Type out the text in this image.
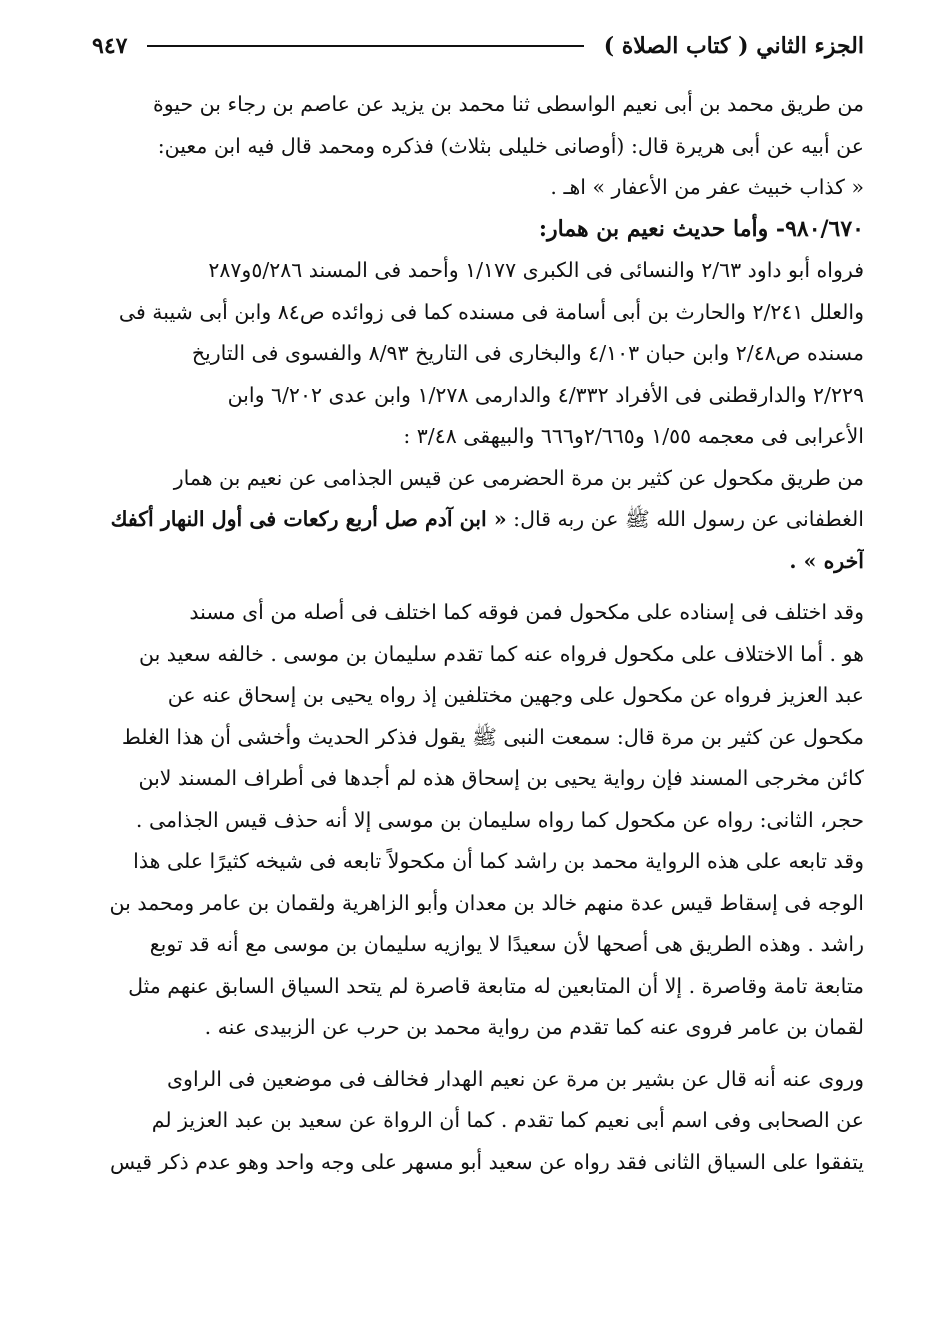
الجزء الثاني ( كتاب الصلاة )
٩٤٧
من طريق محمد بن أبى نعيم الواسطى ثنا محمد بن يزيد عن عاصم بن رجاء بن حيوة
عن أبيه عن أبى هريرة قال: (أوصانى خليلى بثلاث) فذكره ومحمد قال فيه ابن معين:
« كذاب خبيث عفر من الأعفار » اهـ .
٩٨٠/٦٧٠- وأما حديث نعيم بن همار:
فرواه أبو داود ٢/٦٣ والنسائى فى الكبرى ١/١٧٧ وأحمد فى المسند ٥/٢٨٦و٢٨٧
والعلل ٢/٢٤١ والحارث بن أبى أسامة فى مسنده كما فى زوائده ص٨٤ وابن أبى شيبة فى
مسنده ص٢/٤٨ وابن حبان ٤/١٠٣ والبخارى فى التاريخ ٨/٩٣ والفسوى فى التاريخ
٢/٢٢٩ والدارقطنى فى الأفراد ٤/٣٣٢ والدارمى ١/٢٧٨ وابن عدى ٦/٢٠٢ وابن
الأعرابى فى معجمه ١/٥٥ و٢/٦٦٥و٦٦٦ والبيهقى ٣/٤٨ :
من طريق مكحول عن كثير بن مرة الحضرمى عن قيس الجذامى عن نعيم بن همار
الغطفانى عن رسول الله ﷺ عن ربه قال: « ابن آدم صل أربع ركعات فى أول النهار أكفك
آخره » .
وقد اختلف فى إسناده على مكحول فمن فوقه كما اختلف فى أصله من أى مسند
هو . أما الاختلاف على مكحول فرواه عنه كما تقدم سليمان بن موسى . خالفه سعيد بن
عبد العزيز فرواه عن مكحول على وجهين مختلفين إذ رواه يحيى بن إسحاق عنه عن
مكحول عن كثير بن مرة قال: سمعت النبى ﷺ يقول فذكر الحديث وأخشى أن هذا الغلط
كائن مخرجى المسند فإن رواية يحيى بن إسحاق هذه لم أجدها فى أطراف المسند لابن
حجر، الثانى: رواه عن مكحول كما رواه سليمان بن موسى إلا أنه حذف قيس الجذامى .
وقد تابعه على هذه الرواية محمد بن راشد كما أن مكحولاً تابعه فى شيخه كثيرًا على هذا
الوجه فى إسقاط قيس عدة منهم خالد بن معدان وأبو الزاهرية ولقمان بن عامر ومحمد بن
راشد . وهذه الطريق هى أصحها لأن سعيدًا لا يوازيه سليمان بن موسى مع أنه قد توبع
متابعة تامة وقاصرة . إلا أن المتابعين له متابعة قاصرة لم يتحد السياق السابق عنهم مثل
لقمان بن عامر فروى عنه كما تقدم من رواية محمد بن حرب عن الزبيدى عنه .
وروى عنه أنه قال عن بشير بن مرة عن نعيم الهدار فخالف فى موضعين فى الراوى
عن الصحابى وفى اسم أبى نعيم كما تقدم . كما أن الرواة عن سعيد بن عبد العزيز لم
يتفقوا على السياق الثانى فقد رواه عن سعيد أبو مسهر على وجه واحد وهو عدم ذكر قيس
